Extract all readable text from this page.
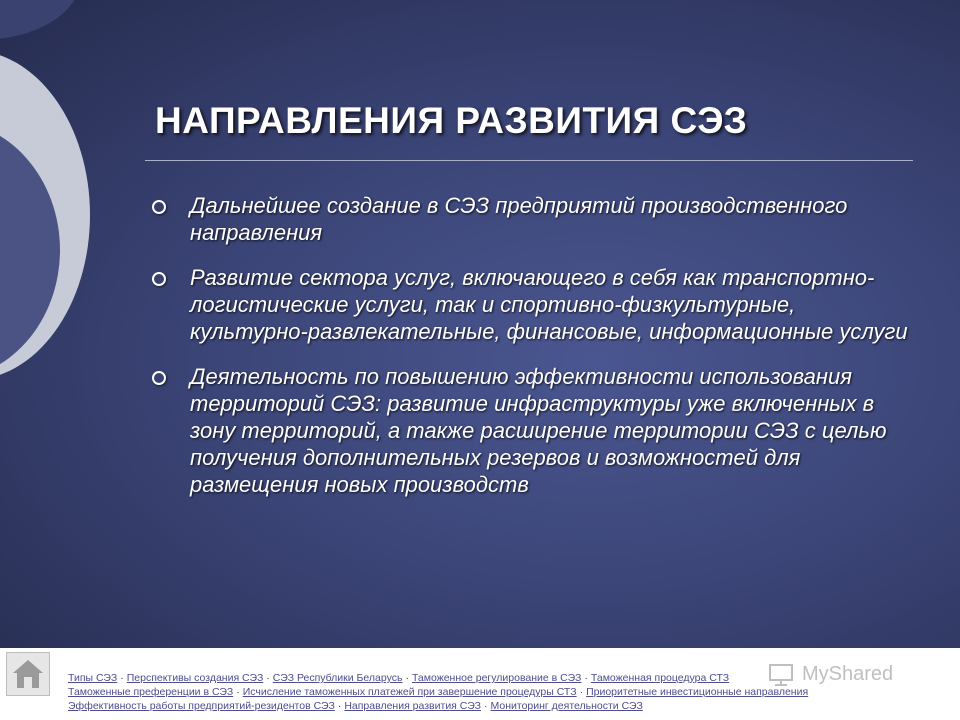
НАПРАВЛЕНИЯ РАЗВИТИЯ СЭЗ
Дальнейшее создание в СЭЗ предприятий производственного направления
Развитие сектора услуг, включающего в себя как транспортно-логистические услуги, так и спортивно-физкультурные, культурно-развлекательные, финансовые, информационные услуги
Деятельность по повышению эффективности использования территорий СЭЗ: развитие инфраструктуры уже включенных в зону территорий, а также расширение территории СЭЗ с целью получения дополнительных резервов и возможностей для размещения новых производств
Типы СЭЗ · Перспективы создания СЭЗ · СЭЗ Республики Беларусь · Таможенное регулирование в СЭЗ · Таможенная процедура СТЗ
Таможенные преференции в СЭЗ · Исчисление таможенных платежей при завершение процедуры СТЗ · Приоритетные инвестиционные направления
Эффективность работы предприятий-резидентов СЭЗ · Направления развития СЭЗ · Мониторинг деятельности СЭЗ
MyShared
